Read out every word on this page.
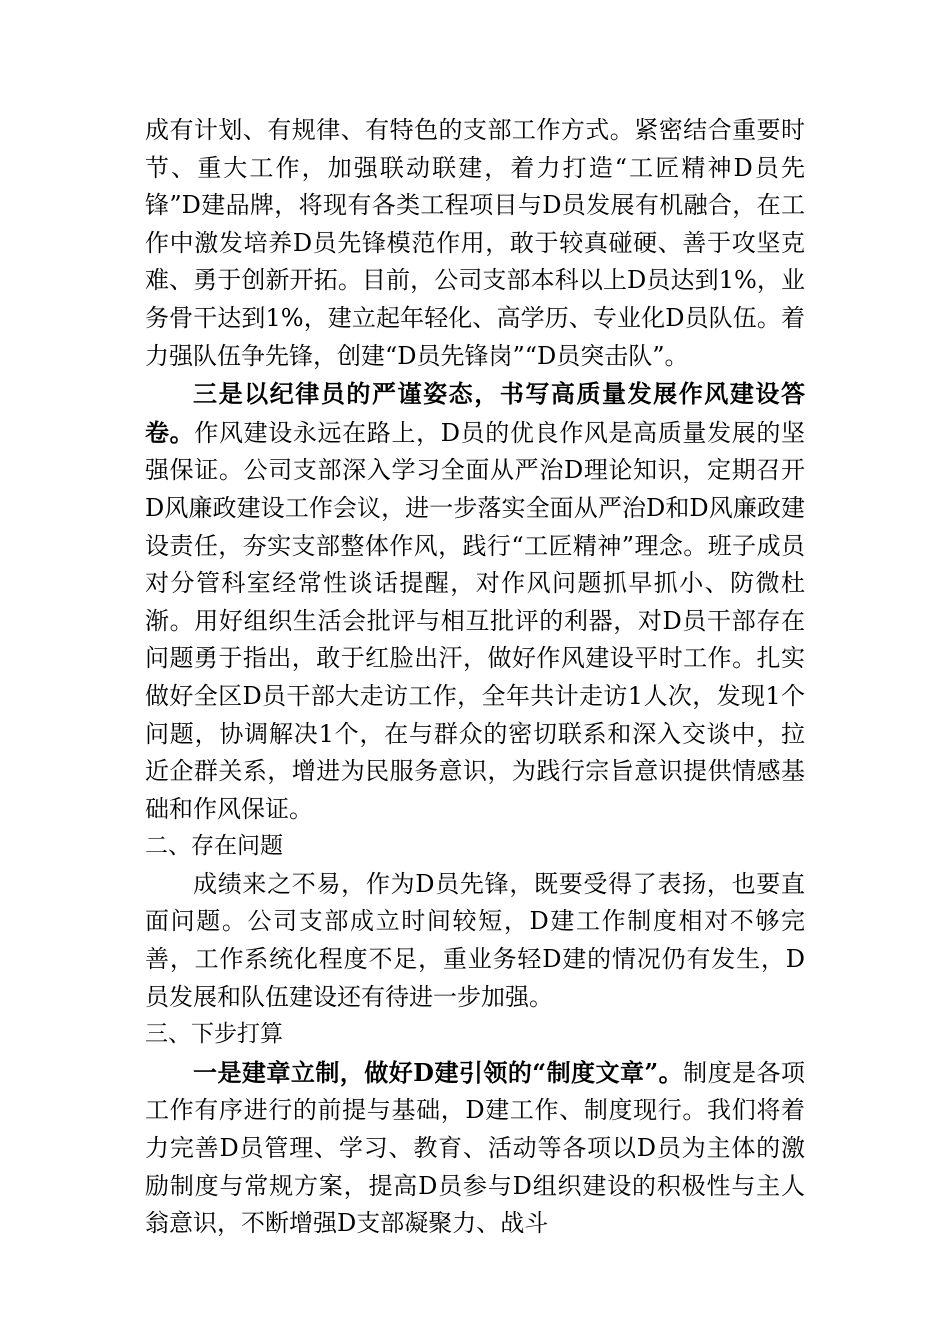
成有计划、有规律、有特色的支部工作方式。紧密结合重要时节、重大工作，加强联动联建，着力打造“工匠精神D员先锋”D建品牌，将现有各类工程项目与D员发展有机融合，在工作中激发培养D员先锋模范作用，敢于较真碰硬、善于攻坚克难、勇于创新开拓。目前，公司支部本科以上D员达到1%，业务骨干达到1%，建立起年轻化、高学历、专业化D员队伍。着力强队伍争先锋，创建“D员先锋岗”“D员突击队”。

三是以纪律员的严谨姿态，书写高质量发展作风建设答卷。作风建设永远在路上，D员的优良作风是高质量发展的坚强保证。公司支部深入学习全面从严治D理论知识，定期召开D风廉政建设工作会议，进一步落实全面从严治D和D风廉政建设责任，夯实支部整体作风，践行“工匠精神”理念。班子成员对分管科室经常性谈话提醒，对作风问题抓早抓小、防微杜渐。用好组织生活会批评与相互批评的利器，对D员干部存在问题勇于指出，敢于红脸出汗，做好作风建设平时工作。扎实做好全区D员干部大走访工作，全年共计走访1人次，发现1个问题，协调解决1个，在与群众的密切联系和深入交谈中，拉近企群关系，增进为民服务意识，为践行宗旨意识提供情感基础和作风保证。

二、存在问题

成绩来之不易，作为D员先锋，既要受得了表扬，也要直面问题。公司支部成立时间较短，D建工作制度相对不够完善，工作系统化程度不足，重业务轻D建的情况仍有发生，D员发展和队伍建设还有待进一步加强。

三、下步打算

一是建章立制，做好D建引领的“制度文章”。制度是各项工作有序进行的前提与基础，D建工作、制度现行。我们将着力完善D员管理、学习、教育、活动等各项以D员为主体的激励制度与常规方案，提高D员参与D组织建设的积极性与主人翁意识，不断增强D支部凝聚力、战斗
